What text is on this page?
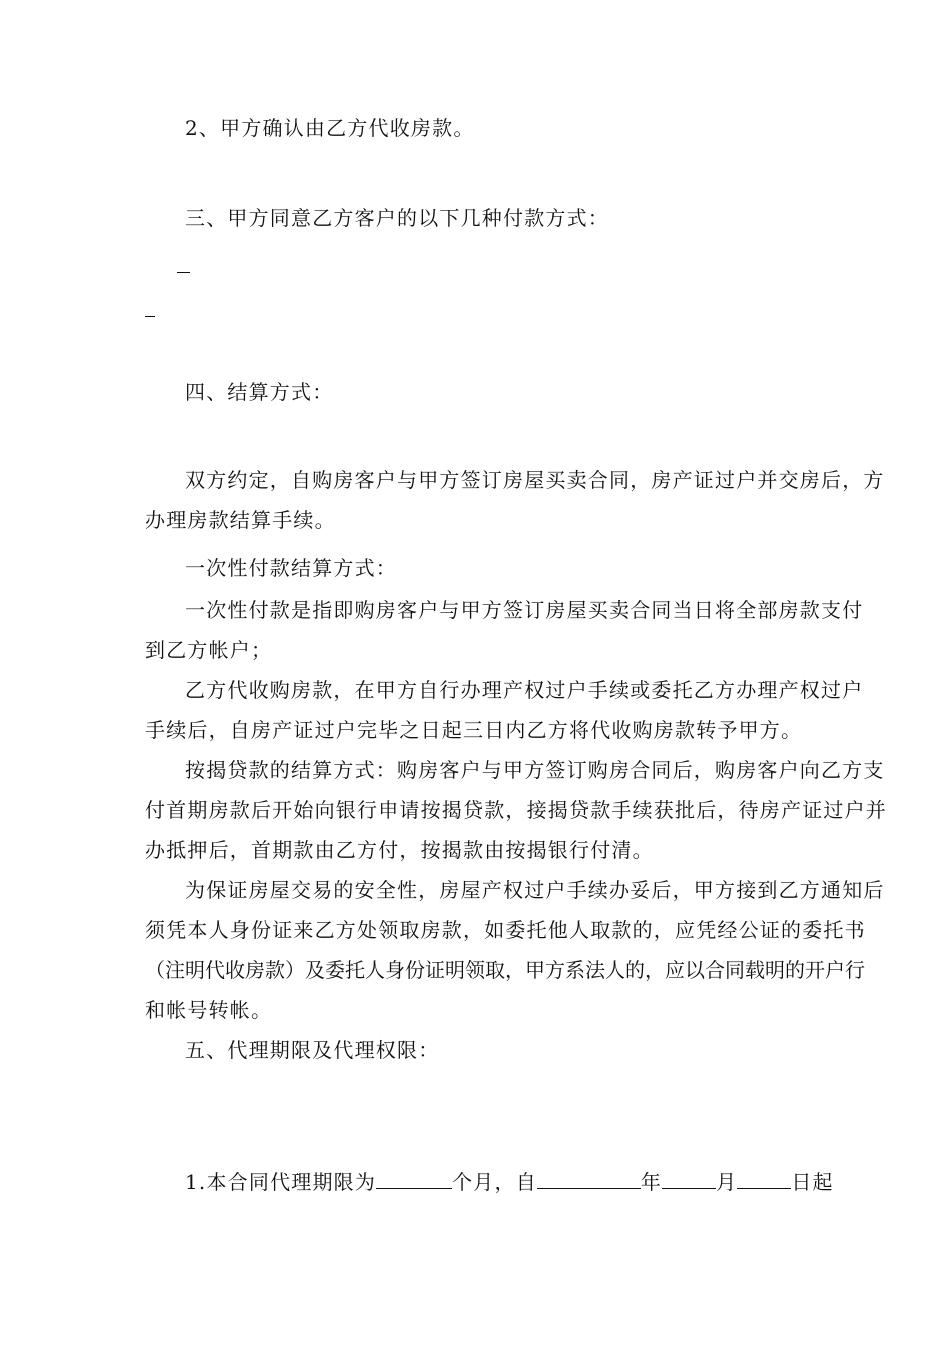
2、甲方确认由乙方代收房款。
三、甲方同意乙方客户的以下几种付款方式：
四、结算方式：
双方约定，自购房客户与甲方签订房屋买卖合同，房产证过户并交房后，方
办理房款结算手续。
一次性付款结算方式：
一次性付款是指即购房客户与甲方签订房屋买卖合同当日将全部房款支付
到乙方帐户；
乙方代收购房款，在甲方自行办理产权过户手续或委托乙方办理产权过户
手续后，自房产证过户完毕之日起三日内乙方将代收购房款转予甲方。
按揭贷款的结算方式：购房客户与甲方签订购房合同后，购房客户向乙方支
付首期房款后开始向银行申请按揭贷款，接揭贷款手续获批后，待房产证过户并
办抵押后，首期款由乙方付，按揭款由按揭银行付清。
为保证房屋交易的安全性，房屋产权过户手续办妥后，甲方接到乙方通知后
须凭本人身份证来乙方处领取房款，如委托他人取款的，应凭经公证的委托书
（注明代收房款）及委托人身份证明领取，甲方系法人的，应以合同载明的开户行
和帐号转帐。
五、代理期限及代理权限：
1.本合同代理期限为	个月，自	年	月	日起
